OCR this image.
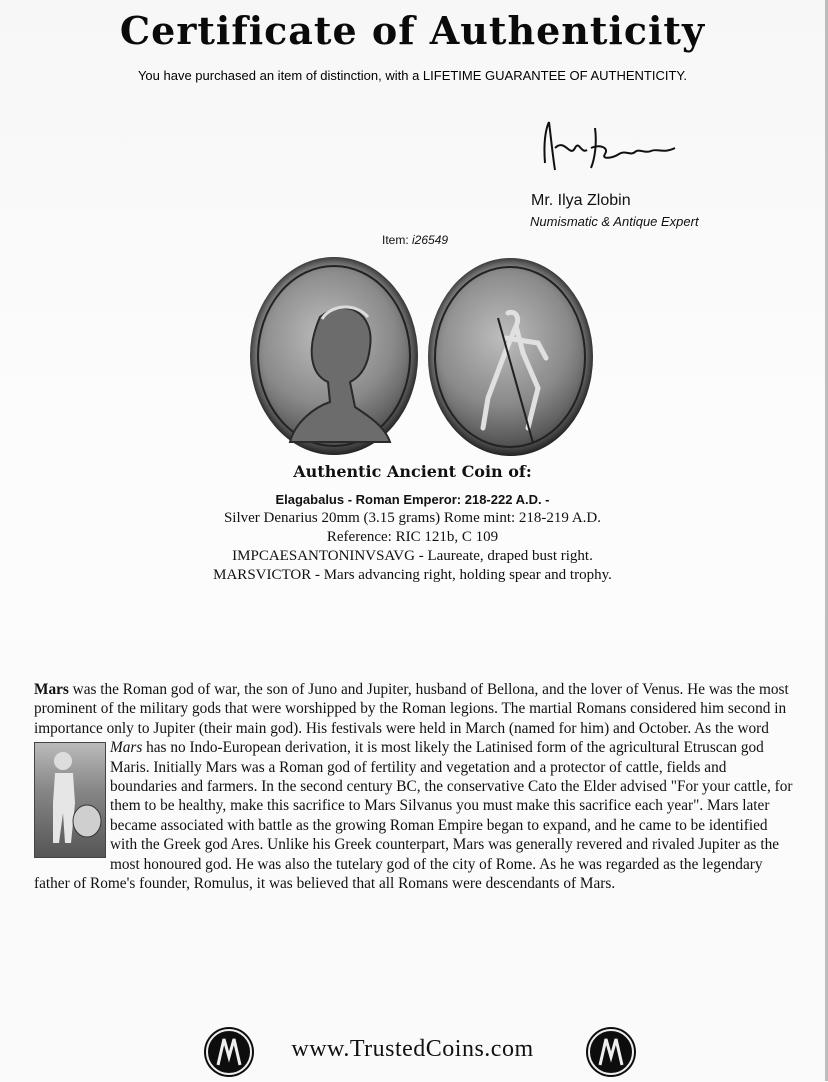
Certificate of Authenticity
You have purchased an item of distinction, with a LIFETIME GUARANTEE OF AUTHENTICITY.
Mr. Ilya Zlobin
Numismatic & Antique Expert
Item: i26549
Authentic Ancient Coin of:
Elagabalus - Roman Emperor: 218-222 A.D. -
Silver Denarius 20mm (3.15 grams) Rome mint: 218-219 A.D.
Reference: RIC 121b, C 109
IMPCAESANTONINVSAVG - Laureate, draped bust right.
MARSVICTOR - Mars advancing right, holding spear and trophy.
Mars was the Roman god of war, the son of Juno and Jupiter, husband of Bellona, and the lover of Venus. He was the most prominent of the military gods that were worshipped by the Roman legions. The martial Romans considered him second in importance only to Jupiter (their main god). His festivals were held in March (named for him) and October. As the word
Mars has no Indo-European derivation, it is most likely the Latinised form of the agricultural Etruscan god Maris. Initially Mars was a Roman god of fertility and vegetation and a protector of cattle, fields and boundaries and farmers. In the second century BC, the conservative Cato the Elder advised "For your cattle, for them to be healthy, make this sacrifice to Mars Silvanus you must make this sacrifice each year". Mars later became associated with battle as the growing Roman Empire began to expand, and he came to be identified with the Greek god Ares. Unlike his Greek counterpart, Mars was generally revered and rivaled Jupiter as the most honoured god. He was also the tutelary god of the city of Rome. As he was regarded as the legendary father of Rome's founder, Romulus, it was believed that all Romans were descendants of Mars.
www.TrustedCoins.com
